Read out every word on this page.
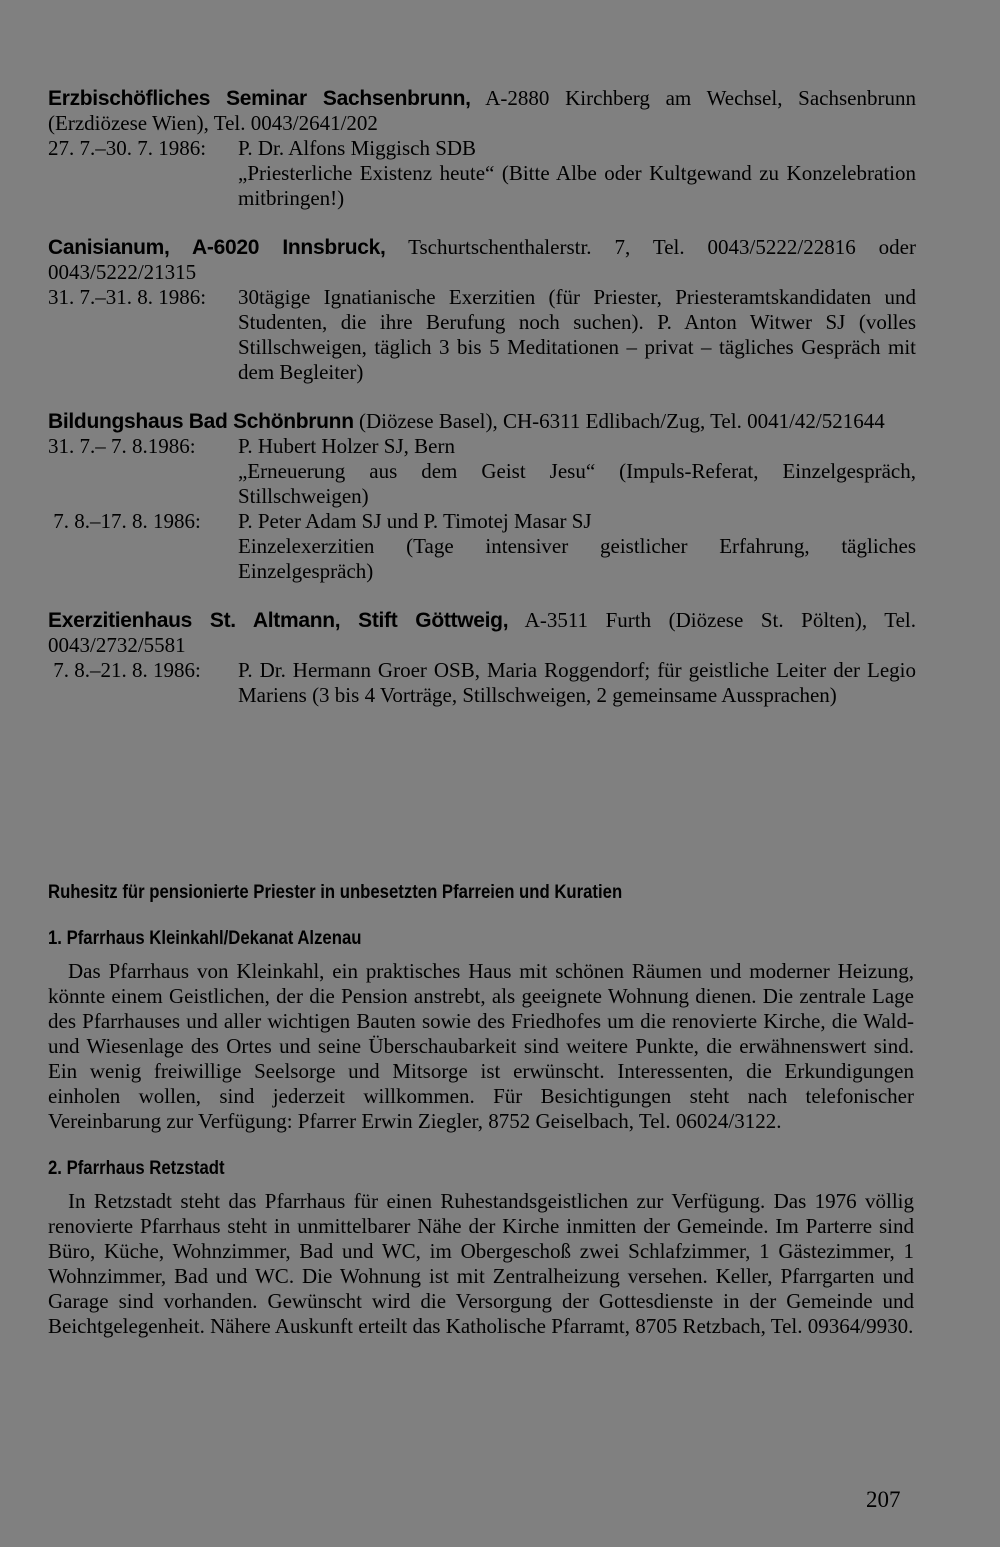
Erzbischöfliches Seminar Sachsenbrunn, A-2880 Kirchberg am Wechsel, Sachsenbrunn (Erzdiözese Wien), Tel. 0043/2641/202
27. 7.–30. 7. 1986:	P. Dr. Alfons Miggisch SDB
„Priesterliche Existenz heute“ (Bitte Albe oder Kultgewand zu Konzelebration mitbringen!)
Canisianum, A-6020 Innsbruck, Tschurtschenthalerstr. 7, Tel. 0043/5222/22816 oder 0043/5222/21315
31. 7.–31. 8. 1986:	30tägige Ignatianische Exerzitien (für Priester, Priesteramtskandidaten und Studenten, die ihre Berufung noch suchen). P. Anton Witwer SJ (volles Stillschweigen, täglich 3 bis 5 Meditationen – privat – tägliches Gespräch mit dem Begleiter)
Bildungshaus Bad Schönbrunn (Diözese Basel), CH-6311 Edlibach/Zug, Tel. 0041/42/521644
31. 7.– 7. 8.1986:	P. Hubert Holzer SJ, Bern
„Erneuerung aus dem Geist Jesu“ (Impuls-Referat, Einzelgespräch, Stillschweigen)
7. 8.–17. 8. 1986:	P. Peter Adam SJ und P. Timotej Masar SJ
Einzelexerzitien (Tage intensiver geistlicher Erfahrung, tägliches Einzelgespräch)
Exerzitienhaus St. Altmann, Stift Göttweig, A-3511 Furth (Diözese St. Pölten), Tel. 0043/2732/5581
7. 8.–21. 8. 1986:	P. Dr. Hermann Groer OSB, Maria Roggendorf; für geistliche Leiter der Legio Mariens (3 bis 4 Vorträge, Stillschweigen, 2 gemeinsame Aussprachen)
Ruhesitz für pensionierte Priester in unbesetzten Pfarreien und Kuratien
1. Pfarrhaus Kleinkahl/Dekanat Alzenau

Das Pfarrhaus von Kleinkahl, ein praktisches Haus mit schönen Räumen und moderner Heizung, könnte einem Geistlichen, der die Pension anstrebt, als geeignete Wohnung dienen. Die zentrale Lage des Pfarrhauses und aller wichtigen Bauten sowie des Friedhofes um die renovierte Kirche, die Wald- und Wiesenlage des Ortes und seine Überschaubarkeit sind weitere Punkte, die erwähnenswert sind. Ein wenig freiwillige Seelsorge und Mitsorge ist erwünscht. Interessenten, die Erkundigungen einholen wollen, sind jederzeit willkommen. Für Besichtigungen steht nach telefonischer Vereinbarung zur Verfügung: Pfarrer Erwin Ziegler, 8752 Geiselbach, Tel. 06024/3122.

2. Pfarrhaus Retzstadt

In Retzstadt steht das Pfarrhaus für einen Ruhestandsgeistlichen zur Verfügung. Das 1976 völlig renovierte Pfarrhaus steht in unmittelbarer Nähe der Kirche inmitten der Gemeinde. Im Parterre sind Büro, Küche, Wohnzimmer, Bad und WC, im Obergeschoß zwei Schlafzimmer, 1 Gästezimmer, 1 Wohnzimmer, Bad und WC. Die Wohnung ist mit Zentralheizung versehen. Keller, Pfarrgarten und Garage sind vorhanden. Gewünscht wird die Versorgung der Gottesdienste in der Gemeinde und Beichtgelegenheit. Nähere Auskunft erteilt das Katholische Pfarramt, 8705 Retzbach, Tel. 09364/9930.

207
